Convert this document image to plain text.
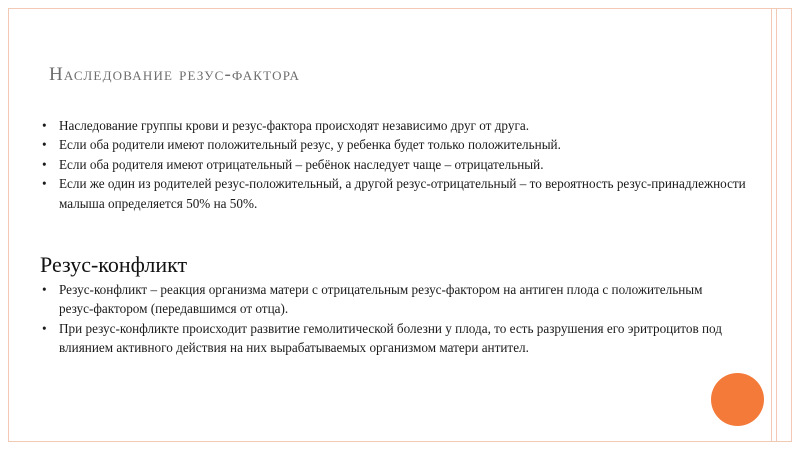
Наследование резус-фактора
• Наследование группы крови и резус-фактора происходят независимо друг от друга.
• Если оба родители имеют положительный резус, у ребенка будет только положительный.
• Если оба родителя имеют отрицательный – ребёнок наследует чаще – отрицательный.
• Если же один из родителей резус-положительный, а другой резус-отрицательный – то вероятность резус-принадлежности малыша определяется 50% на 50%.
Резус-конфликт
• Резус-конфликт – реакция организма матери с отрицательным резус-фактором на антиген плода с положительным резус-фактором (передавшимся от отца).
• При резус-конфликте происходит развитие гемолитической болезни у плода, то есть разрушения его эритроцитов под влиянием активного действия на них вырабатываемых организмом матери антител.
